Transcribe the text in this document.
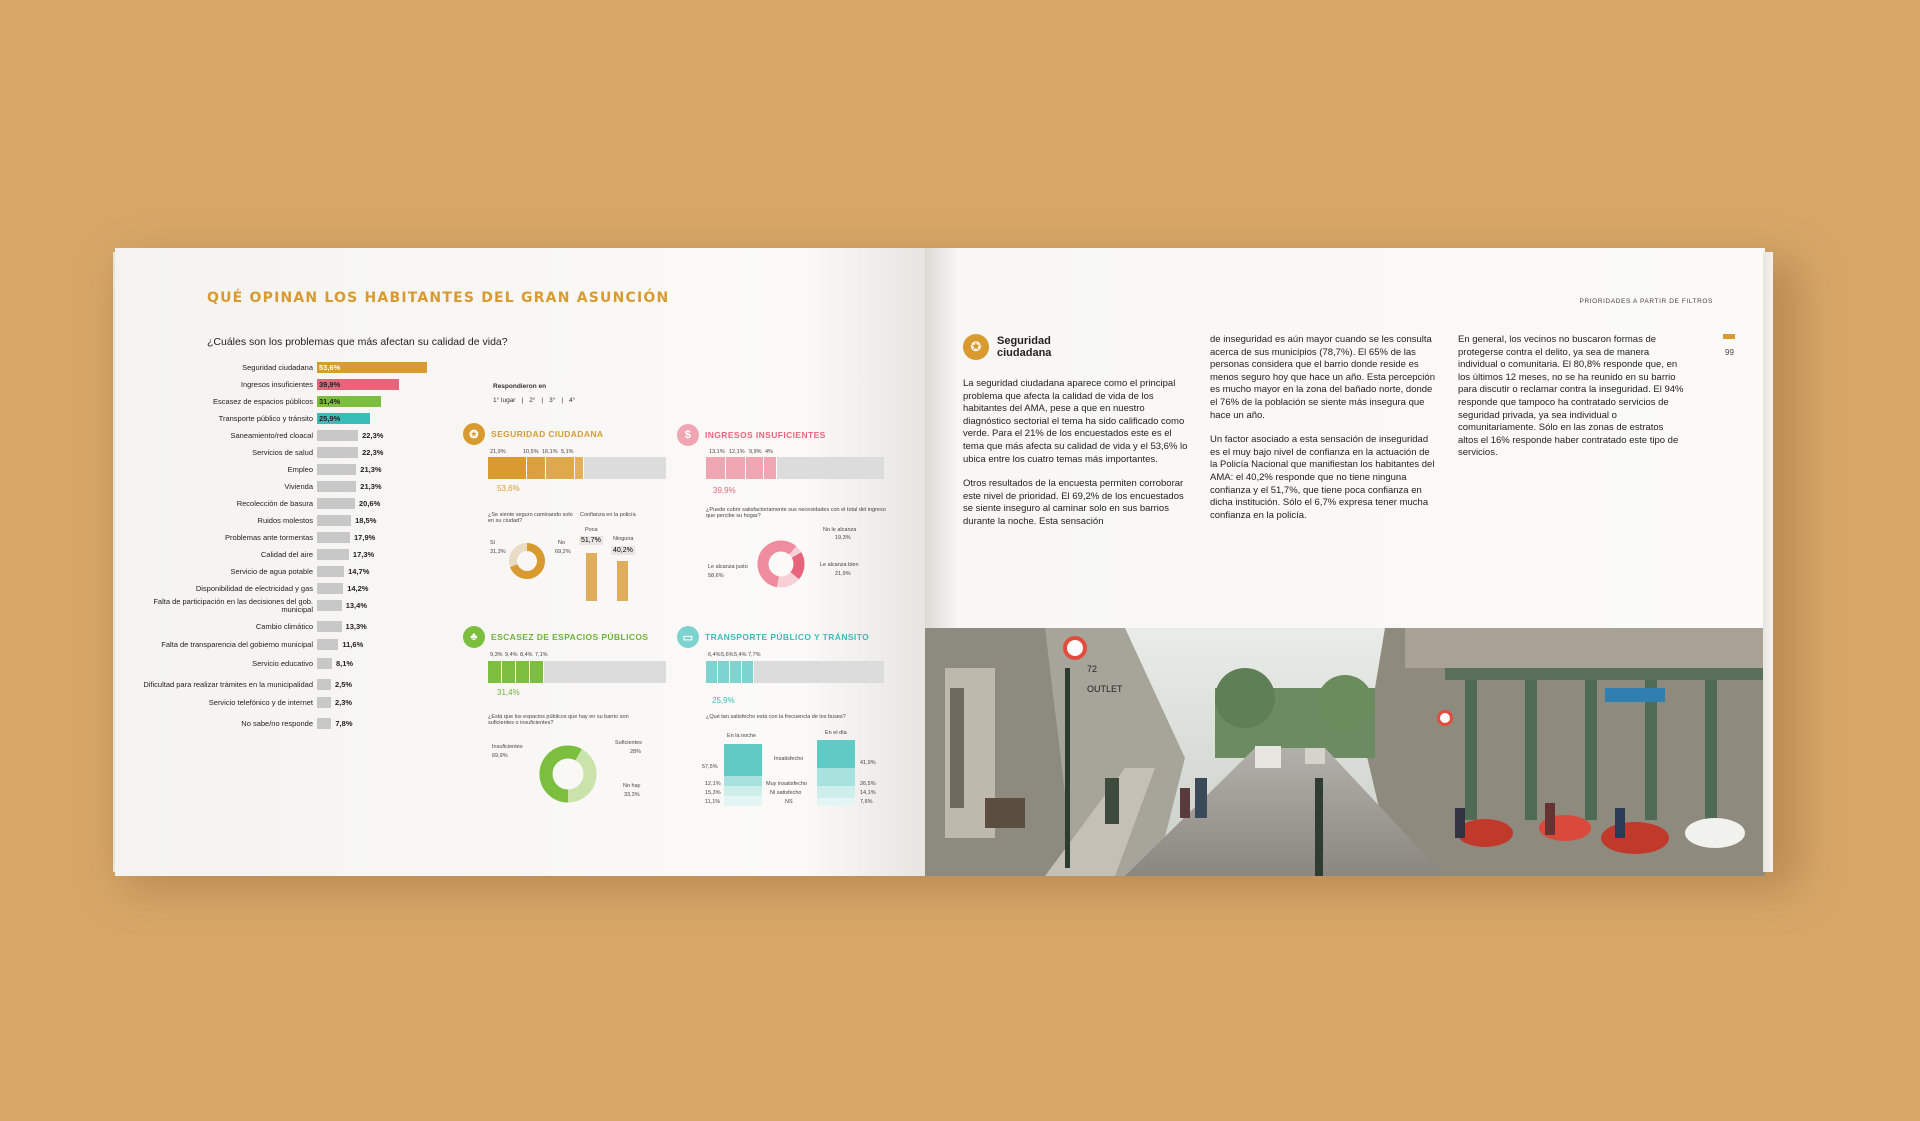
QUÉ OPINAN LOS HABITANTES DEL GRAN ASUNCIÓN
¿Cuáles son los problemas que más afectan su calidad de vida?
Seguridad ciudadana 53,6%
Ingresos insuficientes 39,9%
Escasez de espacios públicos 31,4%
Transporte público y tránsito 25,9%
Saneamiento/red cloacal	22,3%
Servicios de salud	22,3%
Empleo	21,3%
Vivienda	21,3%
Recolección de basura	20,6%
Ruidos molestos	18,5%
Problemas ante tormentas	17,9%
Calidad del aire	17,3%
Servicio de agua potable	14,7%
Disponibilidad de electricidad y gas	14,2%
Falta de participación en las decisiones del gob. municipal	13,4%
Cambio climático	13,3%
Falta de transparencia del gobierno municipal	11,6%
Servicio educativo	8,1%
Dificultad para realizar trámites en la municipalidad	2,5%
Servicio telefónico y de internet	2,3%
No sabe/no responde	7,8%
Respondieron en
1° lugar | 2° | 3° | 4°
✪	SEGURIDAD CIUDADANA
21,9%	10,5% 16,1% 5,1%
53,6%
¿Se siente seguro caminando solo en su ciudad?
Confianza en la policía
Sí
31,3%
No
69,2%
Poca
51,7%	Ninguna
40,2%
$	INGRESOS INSUFICIENTES
13,1% 12,1% 9,9% 4%
39,9%
¿Puede cubrir satisfactoriamente sus necesidades con el total del ingreso que percibe su hogar?
No le alcanza
19,3%
Le alcanza justo
58,6%
Le alcanza bien
21,9%
♣	ESCASEZ DE ESPACIOS PÚBLICOS
9,3% 9,4% 8,4% 7,1%
31,4%
¿Está que los espacios públicos que hay en su barrio son suficientes o insuficientes?
Insuficientes
69,9%
Suficientes
28%
No hay
33,3%
▭	TRANSPORTE PÚBLICO Y TRÁNSITO
6,4% 5,6% 5,4% 7,7%
25,9%
¿Qué tan satisfecho está con la frecuencia de los buses?
En la noche	En el día
57,5%
12,1%
15,3%
11,1%
41,9%
26,5%
14,1%
7,6%
Insatisfecho
Muy insatisfecho
Ni satisfecho
NS
PRIORIDADES A PARTIR DE FILTROS
99
✪	Seguridad
ciudadana

La seguridad ciudadana aparece como el principal problema que afecta la calidad de vida de los habitantes del AMA, pese a que en nuestro diagnóstico sectorial el tema ha sido calificado como verde. Para el 21% de los encuestados este es el tema que más afecta su calidad de vida y el 53,6% lo ubica entre los cuatro temas más importantes.

Otros resultados de la encuesta permiten corroborar este nivel de prioridad. El 69,2% de los encuestados se siente inseguro al caminar solo en sus barrios durante la noche. Esta sensación

de inseguridad es aún mayor cuando se les consulta acerca de sus municipios (78,7%). El 65% de las personas considera que el barrio donde reside es menos seguro hoy que hace un año. Esta percepción es mucho mayor en la zona del bañado norte, donde el 76% de la población se siente más insegura que hace un año.

Un factor asociado a esta sensación de inseguridad es el muy bajo nivel de confianza en la actuación de la Policía Nacional que manifiestan los habitantes del AMA: el 40,2% responde que no tiene ninguna confianza y el 51,7%, que tiene poca confianza en dicha institución. Sólo el 6,7% expresa tener mucha confianza en la policía.

En general, los vecinos no buscaron formas de protegerse contra el delito, ya sea de manera individual o comunitaria. El 80,8% responde que, en los últimos 12 meses, no se ha reunido en su barrio para discutir o reclamar contra la inseguridad. El 94% responde que tampoco ha contratado servicios de seguridad privada, ya sea individual o comunitariamente. Sólo en las zonas de estratos altos el 16% responde haber contratado este tipo de servicios.

OUTLET
72
